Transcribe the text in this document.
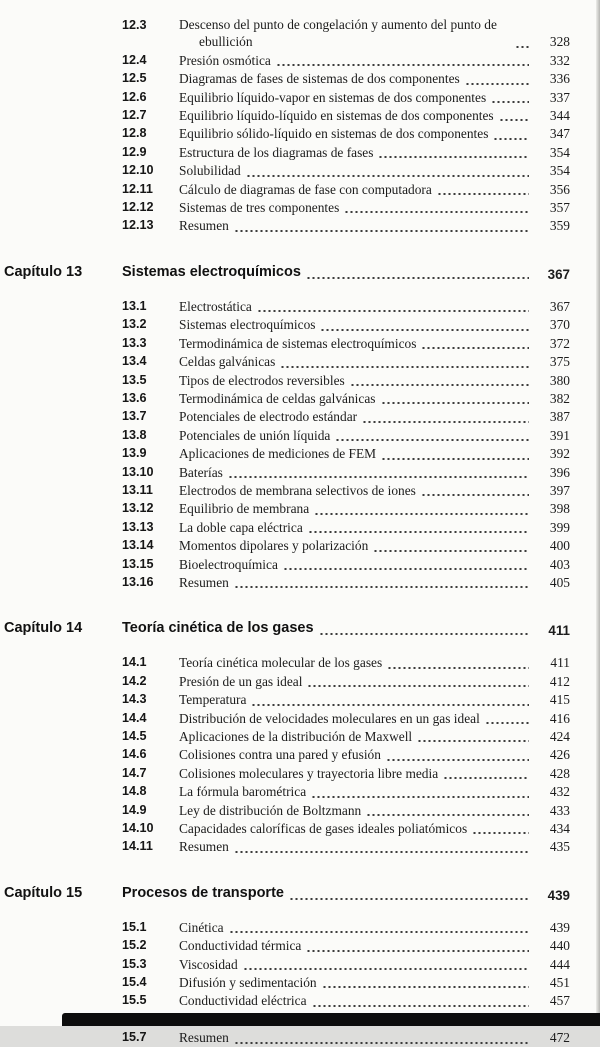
12.3	Descenso del punto de congelación y aumento del punto de ebullición	328
12.4	Presión osmótica	332
12.5	Diagramas de fases de sistemas de dos componentes	336
12.6	Equilibrio líquido-vapor en sistemas de dos componentes	337
12.7	Equilibrio líquido-líquido en sistemas de dos componentes	344
12.8	Equilibrio sólido-líquido en sistemas de dos componentes	347
12.9	Estructura de los diagramas de fases	354
12.10	Solubilidad	354
12.11	Cálculo de diagramas de fase con computadora	356
12.12	Sistemas de tres componentes	357
12.13	Resumen	359
Capítulo 13	Sistemas electroquímicos	367
13.1	Electrostática	367
13.2	Sistemas electroquímicos	370
13.3	Termodinámica de sistemas electroquímicos	372
13.4	Celdas galvánicas	375
13.5	Tipos de electrodos reversibles	380
13.6	Termodinámica de celdas galvánicas	382
13.7	Potenciales de electrodo estándar	387
13.8	Potenciales de unión líquida	391
13.9	Aplicaciones de mediciones de FEM	392
13.10	Baterías	396
13.11	Electrodos de membrana selectivos de iones	397
13.12	Equilibrio de membrana	398
13.13	La doble capa eléctrica	399
13.14	Momentos dipolares y polarización	400
13.15	Bioelectroquímica	403
13.16	Resumen	405
Capítulo 14	Teoría cinética de los gases	411
14.1	Teoría cinética molecular de los gases	411
14.2	Presión de un gas ideal	412
14.3	Temperatura	415
14.4	Distribución de velocidades moleculares en un gas ideal	416
14.5	Aplicaciones de la distribución de Maxwell	424
14.6	Colisiones contra una pared y efusión	426
14.7	Colisiones moleculares y trayectoria libre media	428
14.8	La fórmula barométrica	432
14.9	Ley de distribución de Boltzmann	433
14.10	Capacidades caloríficas de gases ideales poliatómicos	434
14.11	Resumen	435
Capítulo 15	Procesos de transporte	439
15.1	Cinética	439
15.2	Conductividad térmica	440
15.3	Viscosidad	444
15.4	Difusión y sedimentación	451
15.5	Conductividad eléctrica	457
15.7	Resumen	472
